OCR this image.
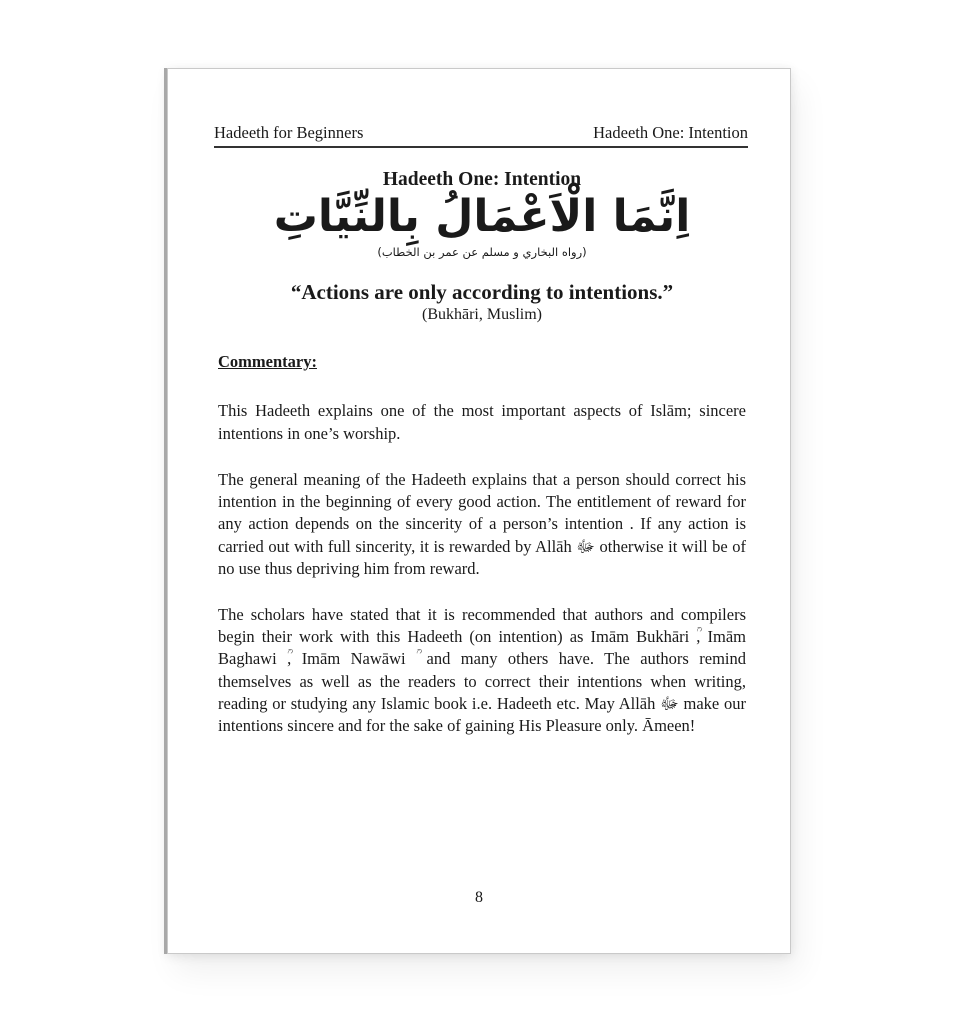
Hadeeth for Beginners	Hadeeth One: Intention
Hadeeth One: Intention

اِنَّمَا الْاَعْمَالُ بِالنِّيَّاتِ

(رواه البخاري و مسلم عن عمر بن الخطاب)

“Actions are only according to intentions.”

(Bukhāri, Muslim)

Commentary:

This Hadeeth explains one of the most important aspects of Islām; sincere intentions in one’s worship.

The general meaning of the Hadeeth explains that a person should correct his intention in the beginning of every good action. The entitlement of reward for any action depends on the sincerity of a person’s intention . If any action is carried out with full sincerity, it is rewarded by Allāh ﷻ otherwise it will be of no use thus depriving him from reward.

The scholars have stated that it is recommended that authors and compilers begin their work with this Hadeeth (on intention) as Imām Bukhāri ؒ, Imām Baghawi ؒ, Imām Nawāwi ؒ and many others have. The authors remind themselves as well as the readers to correct their intentions when writing, reading or studying any Islamic book i.e. Hadeeth etc. May Allāh ﷻ make our intentions sincere and for the sake of gaining His Pleasure only. Āmeen!

8
